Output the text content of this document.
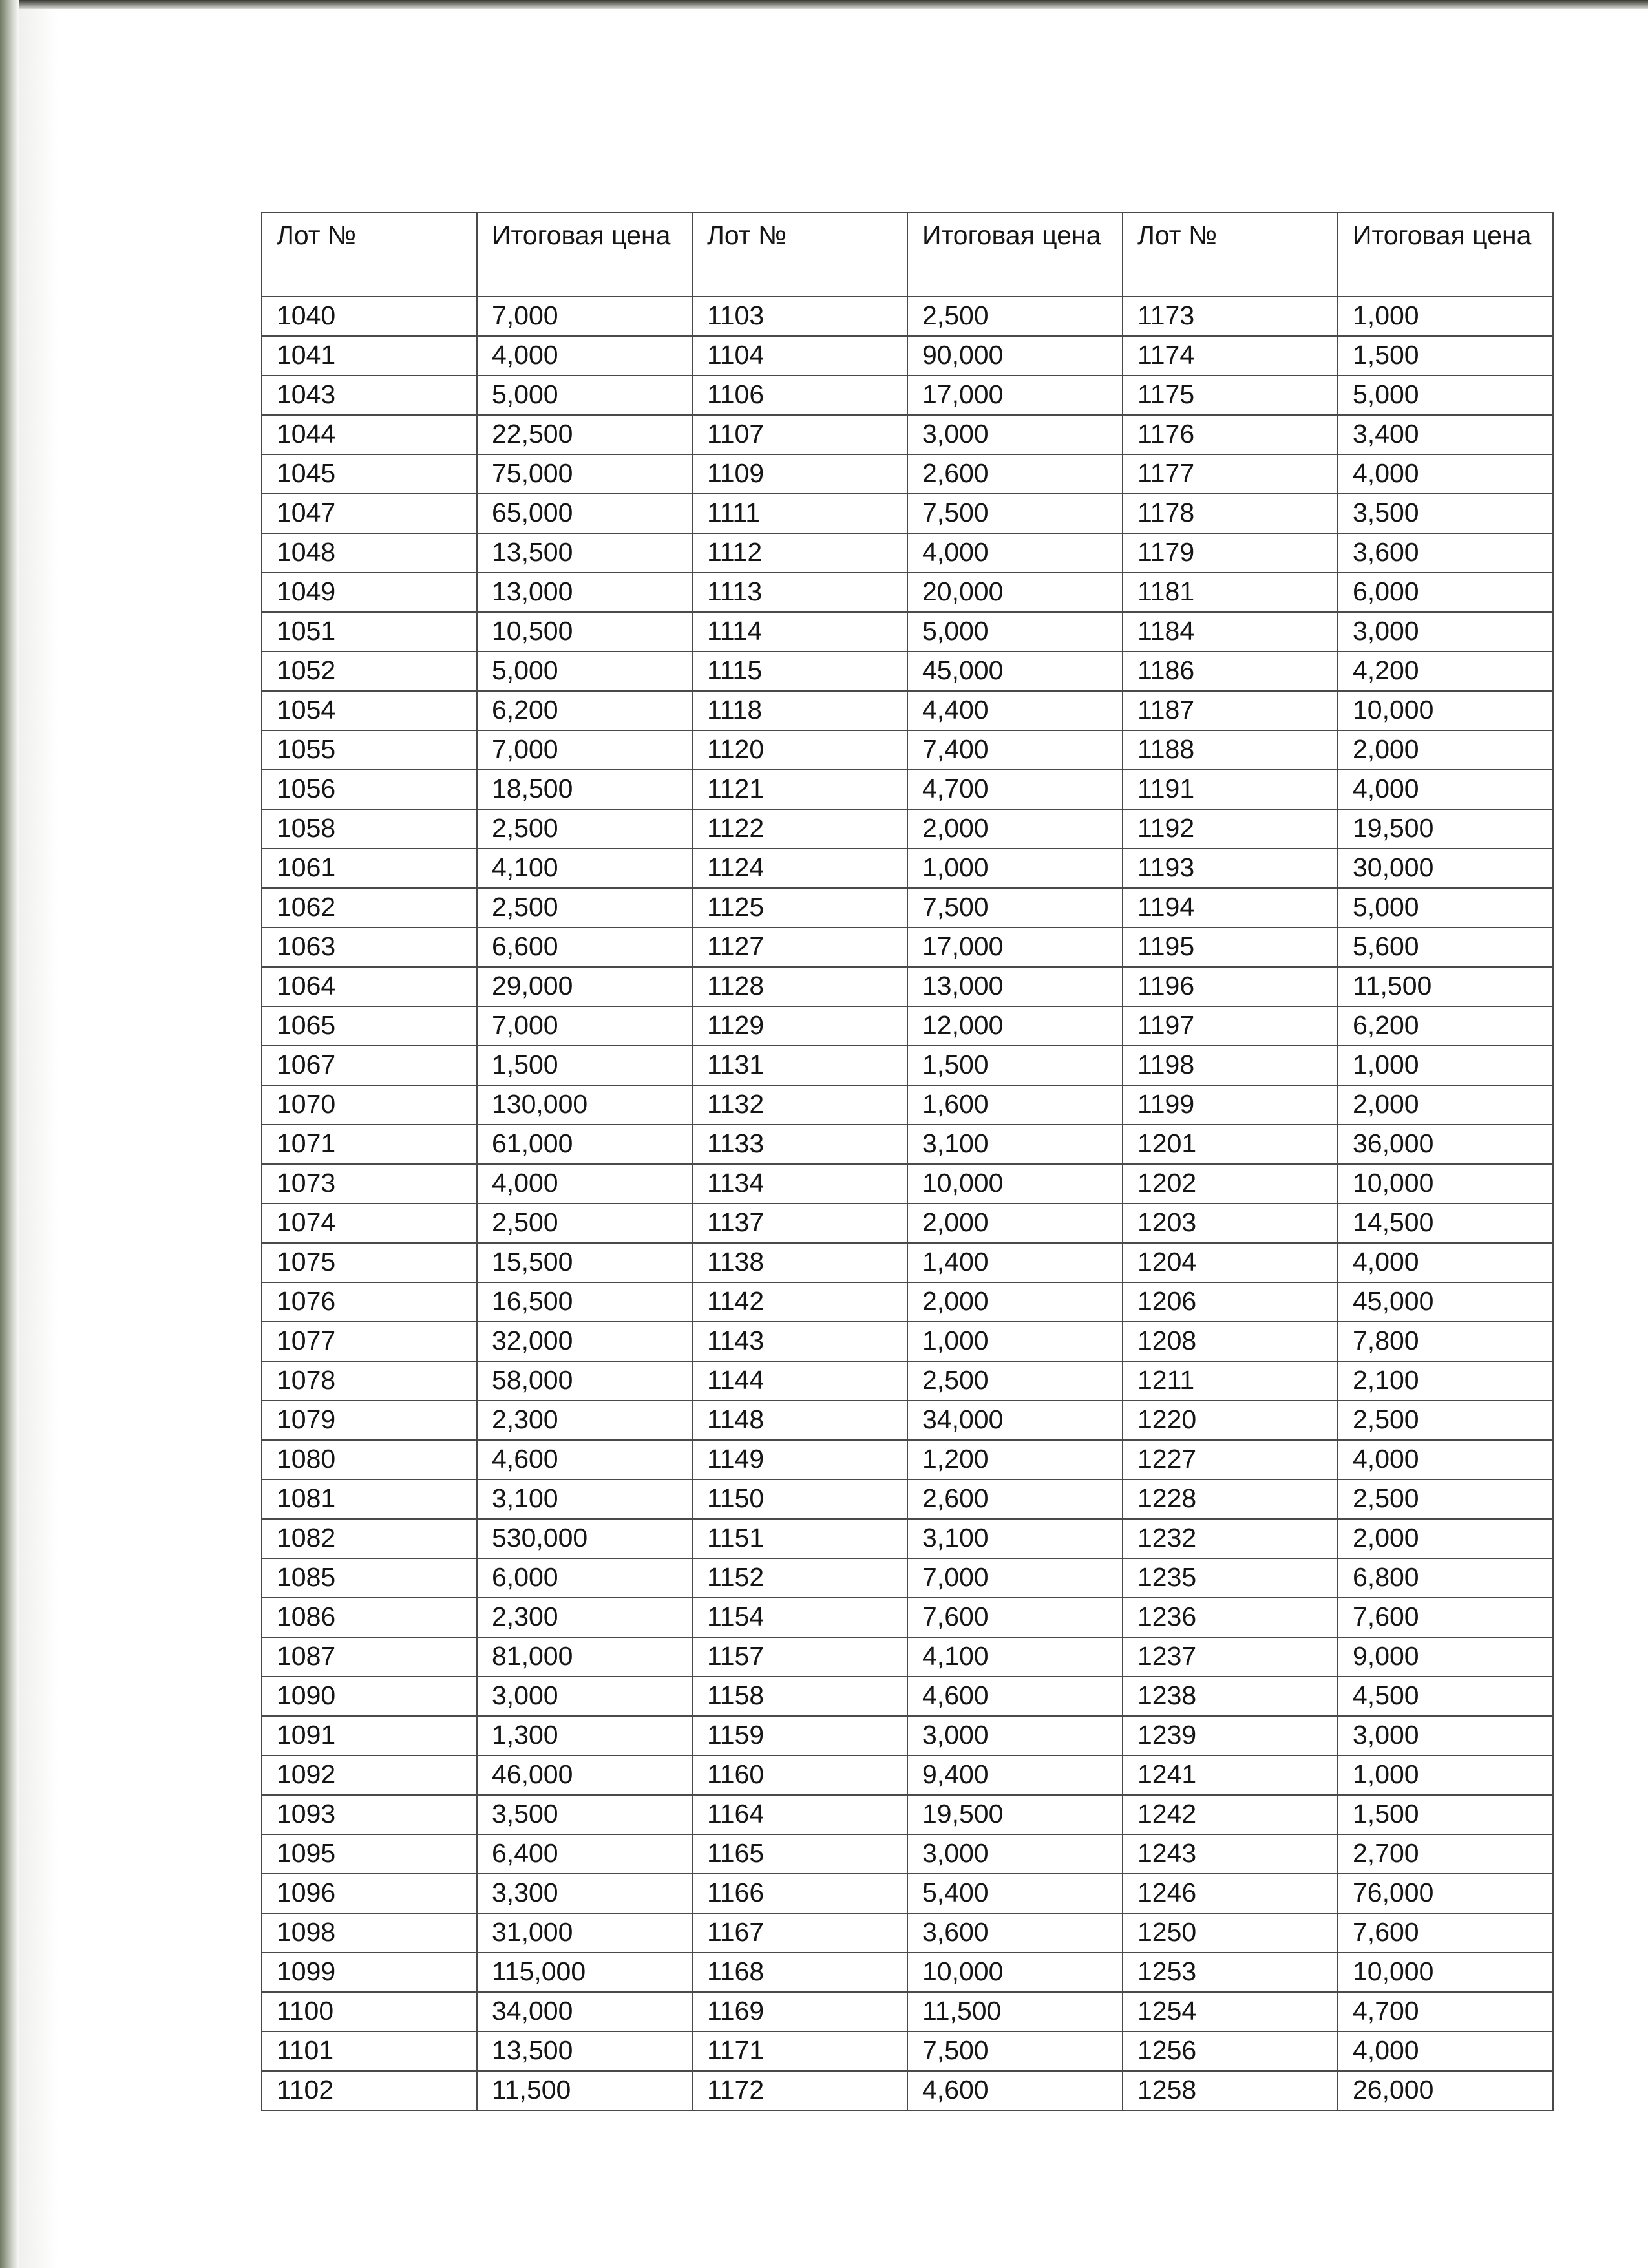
Лот №	Итоговая цена	Лот №	Итоговая цена	Лот №	Итоговая цена
1040	7,000	1103	2,500	1173	1,000
1041	4,000	1104	90,000	1174	1,500
1043	5,000	1106	17,000	1175	5,000
1044	22,500	1107	3,000	1176	3,400
1045	75,000	1109	2,600	1177	4,000
1047	65,000	1111	7,500	1178	3,500
1048	13,500	1112	4,000	1179	3,600
1049	13,000	1113	20,000	1181	6,000
1051	10,500	1114	5,000	1184	3,000
1052	5,000	1115	45,000	1186	4,200
1054	6,200	1118	4,400	1187	10,000
1055	7,000	1120	7,400	1188	2,000
1056	18,500	1121	4,700	1191	4,000
1058	2,500	1122	2,000	1192	19,500
1061	4,100	1124	1,000	1193	30,000
1062	2,500	1125	7,500	1194	5,000
1063	6,600	1127	17,000	1195	5,600
1064	29,000	1128	13,000	1196	11,500
1065	7,000	1129	12,000	1197	6,200
1067	1,500	1131	1,500	1198	1,000
1070	130,000	1132	1,600	1199	2,000
1071	61,000	1133	3,100	1201	36,000
1073	4,000	1134	10,000	1202	10,000
1074	2,500	1137	2,000	1203	14,500
1075	15,500	1138	1,400	1204	4,000
1076	16,500	1142	2,000	1206	45,000
1077	32,000	1143	1,000	1208	7,800
1078	58,000	1144	2,500	1211	2,100
1079	2,300	1148	34,000	1220	2,500
1080	4,600	1149	1,200	1227	4,000
1081	3,100	1150	2,600	1228	2,500
1082	530,000	1151	3,100	1232	2,000
1085	6,000	1152	7,000	1235	6,800
1086	2,300	1154	7,600	1236	7,600
1087	81,000	1157	4,100	1237	9,000
1090	3,000	1158	4,600	1238	4,500
1091	1,300	1159	3,000	1239	3,000
1092	46,000	1160	9,400	1241	1,000
1093	3,500	1164	19,500	1242	1,500
1095	6,400	1165	3,000	1243	2,700
1096	3,300	1166	5,400	1246	76,000
1098	31,000	1167	3,600	1250	7,600
1099	115,000	1168	10,000	1253	10,000
1100	34,000	1169	11,500	1254	4,700
1101	13,500	1171	7,500	1256	4,000
1102	11,500	1172	4,600	1258	26,000
